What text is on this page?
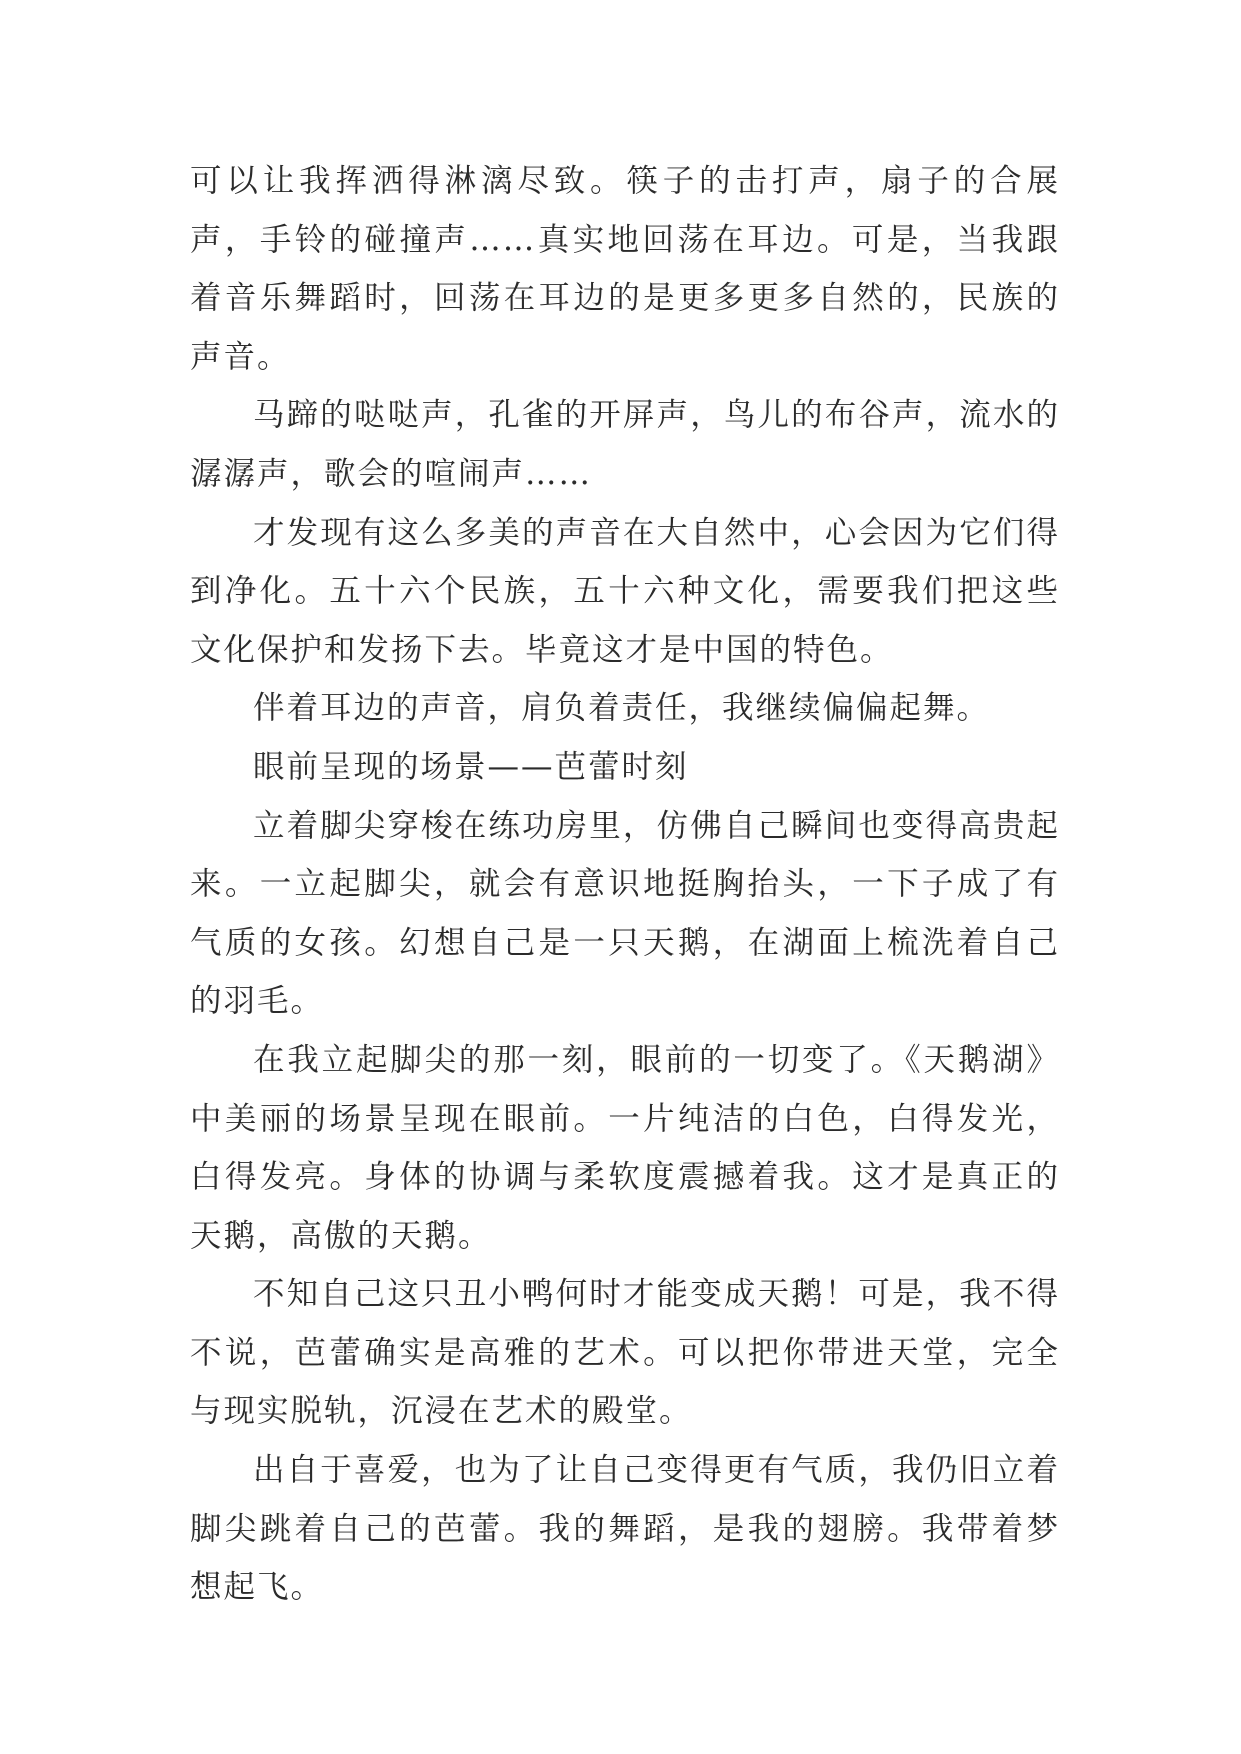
可以让我挥洒得淋漓尽致。筷子的击打声，扇子的合展声，手铃的碰撞声……真实地回荡在耳边。可是，当我跟着音乐舞蹈时，回荡在耳边的是更多更多自然的，民族的声音。

马蹄的哒哒声，孔雀的开屏声，鸟儿的布谷声，流水的潺潺声，歌会的喧闹声……

才发现有这么多美的声音在大自然中，心会因为它们得到净化。五十六个民族，五十六种文化，需要我们把这些文化保护和发扬下去。毕竟这才是中国的特色。

伴着耳边的声音，肩负着责任，我继续偏偏起舞。

眼前呈现的场景——芭蕾时刻

立着脚尖穿梭在练功房里，仿佛自己瞬间也变得高贵起来。一立起脚尖，就会有意识地挺胸抬头，一下子成了有气质的女孩。幻想自己是一只天鹅，在湖面上梳洗着自己的羽毛。

在我立起脚尖的那一刻，眼前的一切变了。《天鹅湖》中美丽的场景呈现在眼前。一片纯洁的白色，白得发光，白得发亮。身体的协调与柔软度震撼着我。这才是真正的天鹅，高傲的天鹅。

不知自己这只丑小鸭何时才能变成天鹅！可是，我不得不说，芭蕾确实是高雅的艺术。可以把你带进天堂，完全与现实脱轨，沉浸在艺术的殿堂。

出自于喜爱，也为了让自己变得更有气质，我仍旧立着脚尖跳着自己的芭蕾。我的舞蹈，是我的翅膀。我带着梦想起飞。
